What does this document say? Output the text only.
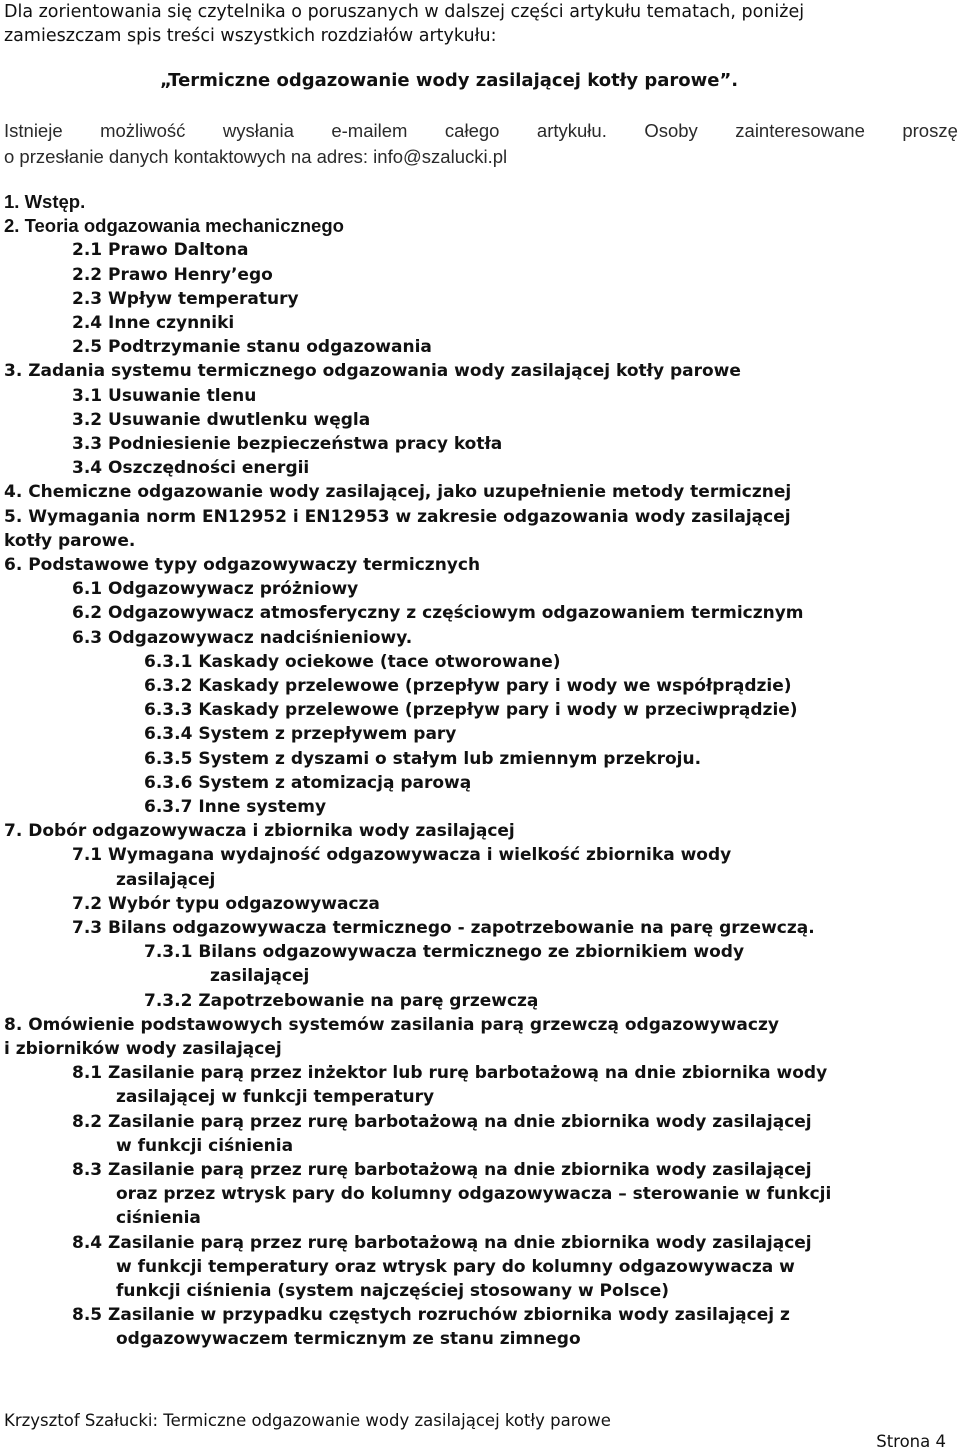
Dla zorientowania się czytelnika o poruszanych w dalszej części artykułu tematach, poniżej
zamieszczam spis treści wszystkich rozdziałów artykułu:
„Termiczne odgazowanie wody zasilającej kotły parowe”.
Istnieje możliwość wysłania e-mailem całego artykułu. Osoby zainteresowane proszę
o przesłanie danych kontaktowych na adres: info@szalucki.pl
1. Wstęp.
2. Teoria odgazowania mechanicznego
2.1 Prawo Daltona
2.2 Prawo Henry’ego
2.3 Wpływ temperatury
2.4 Inne czynniki
2.5 Podtrzymanie stanu odgazowania
3. Zadania systemu termicznego odgazowania wody zasilającej kotły parowe
3.1 Usuwanie tlenu
3.2 Usuwanie dwutlenku węgla
3.3 Podniesienie bezpieczeństwa pracy kotła
3.4 Oszczędności energii
4. Chemiczne odgazowanie wody zasilającej, jako uzupełnienie metody termicznej
5. Wymagania norm EN12952 i EN12953 w zakresie odgazowania wody zasilającej
kotły parowe.
6. Podstawowe typy odgazowywaczy termicznych
6.1 Odgazowywacz próżniowy
6.2 Odgazowywacz atmosferyczny z częściowym odgazowaniem termicznym
6.3 Odgazowywacz nadciśnieniowy.
6.3.1 Kaskady ociekowe (tace otworowane)
6.3.2 Kaskady przelewowe (przepływ pary i wody we współprądzie)
6.3.3 Kaskady przelewowe (przepływ pary i wody w przeciwprądzie)
6.3.4 System z przepływem pary
6.3.5 System z dyszami o stałym lub zmiennym przekroju.
6.3.6 System z atomizacją parową
6.3.7 Inne systemy
7. Dobór odgazowywacza i zbiornika wody zasilającej
7.1 Wymagana wydajność odgazowywacza i wielkość zbiornika wody
zasilającej
7.2 Wybór typu odgazowywacza
7.3 Bilans odgazowywacza termicznego - zapotrzebowanie na parę grzewczą.
7.3.1 Bilans odgazowywacza termicznego ze zbiornikiem wody
zasilającej
7.3.2 Zapotrzebowanie na parę grzewczą
8. Omówienie podstawowych systemów zasilania parą grzewczą odgazowywaczy
i zbiorników wody zasilającej
8.1 Zasilanie parą przez inżektor lub rurę barbotażową na dnie zbiornika wody
zasilającej w funkcji temperatury
8.2 Zasilanie parą przez rurę barbotażową na dnie zbiornika wody zasilającej
w funkcji ciśnienia
8.3 Zasilanie parą przez rurę barbotażową na dnie zbiornika wody zasilającej
oraz przez wtrysk pary do kolumny odgazowywacza – sterowanie w funkcji
ciśnienia
8.4 Zasilanie parą przez rurę barbotażową na dnie zbiornika wody zasilającej
w funkcji temperatury oraz wtrysk pary do kolumny odgazowywacza w
funkcji ciśnienia (system najczęściej stosowany w Polsce)
8.5 Zasilanie w przypadku częstych rozruchów zbiornika wody zasilającej z
odgazowywaczem termicznym ze stanu zimnego
Krzysztof Szałucki: Termiczne odgazowanie wody zasilającej kotły parowe
Strona 4
